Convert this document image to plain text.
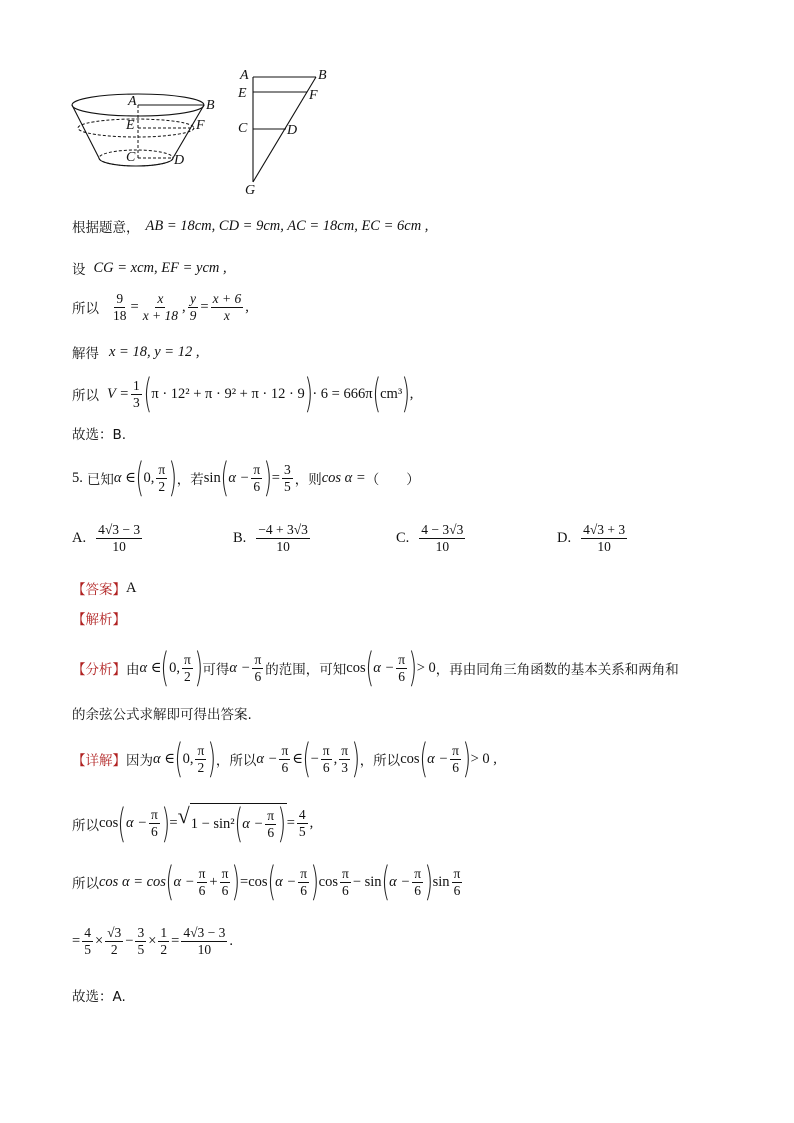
A	B
E	F
C	D
A	B
E	F
C	D
G
根据题意， AB = 18cm, CD = 9cm, AC = 18cm, EC = 6cm ,
设 CG = xcm, EF = ycm ,
所以 $\frac{9}{18} = \frac{x}{x + 18}$ , $\frac{y}{9} = \frac{x + 6}{x}$ ,
解得 x = 18, y = 12 ,
所以 $V = \frac{1}{3}$ ( π · 12² + π · 9² + π · 12 · 9 ) · 6 = 666π ( cm³ ) ,
故选：B.
5. 已知 α ∈ ( 0, $\frac{\pi}{2}$ ) ，若 sin ( $\alpha - \frac{\pi}{6}$ ) = $\frac{3}{5}$ ，则 cos α = （　　）
A. $\frac{4√3 - 3}{10}$	B. $\frac{-4 + 3√3}{10}$	C. $\frac{4 - 3√3}{10}$	D. $\frac{4√3 + 3}{10}$
【答案】 A
【解析】
【分析】 由 α ∈ ( 0, $\frac{\pi}{2}$ ) 可得 $\alpha - \frac{\pi}{6}$ 的范围，可知 cos ( $\alpha - \frac{\pi}{6}$ ) > 0 ，再由同角三角函数的基本关系和两角和
的余弦公式求解即可得出答案.
【详解】 因为 α ∈ ( 0, $\frac{\pi}{2}$ ) ，所以 $\alpha - \frac{\pi}{6}$ ∈ ( − $\frac{\pi}{6}$ , $\frac{\pi}{3}$ ) ，所以 cos ( $\alpha - \frac{\pi}{6}$ ) > 0 ,
所以 cos ( $\alpha - \frac{\pi}{6}$ ) = √ 1 − sin² ( $\alpha - \frac{\pi}{6}$ ) = $\frac{4}{5}$ ,
所以 cos α = cos ( $\alpha - \frac{\pi}{6} + \frac{\pi}{6}$ ) = cos ( $\alpha - \frac{\pi}{6}$ ) $\cos \frac{\pi}{6} - \sin$ ( $\alpha - \frac{\pi}{6}$ ) $\sin \frac{\pi}{6}$
= $\frac{4}{5} \times \frac{√3}{2} - \frac{3}{5} \times \frac{1}{2} = \frac{4√3 - 3}{10}$ .
故选：A.
